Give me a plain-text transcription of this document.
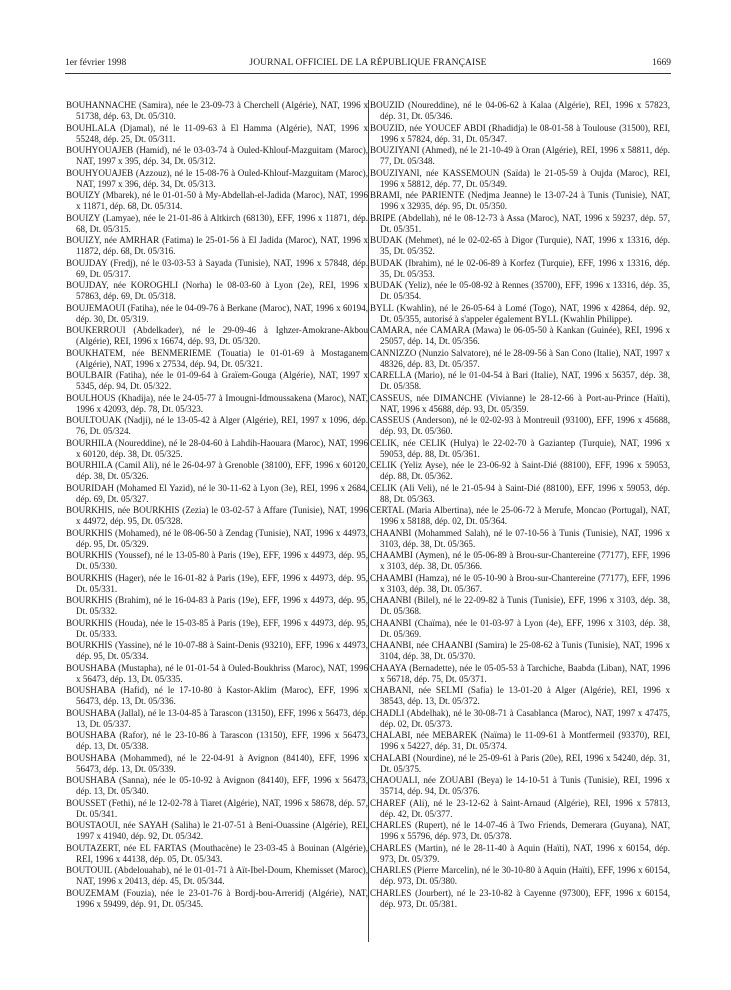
1er février 1998	JOURNAL OFFICIEL DE LA RÉPUBLIQUE FRANÇAISE	1669

BOUHANNACHE (Samira), née le 23-09-73 à Cherchell (Algérie), NAT, 1996 x 51738, dép. 63, Dt. 05/310.

BOUHLALA (Djamal), né le 11-09-63 à El Hamma (Algérie), NAT, 1996 x 55248, dép. 25, Dt. 05/311.

BOUHYOUAJEB (Hamid), né le 03-03-74 à Ouled-Khlouf-Mazguitam (Maroc), NAT, 1997 x 395, dép. 34, Dt. 05/312.

BOUHYOUAJEB (Azzouz), né le 15-08-76 à Ouled-Khlouf-Mazguitam (Maroc), NAT, 1997 x 396, dép. 34, Dt. 05/313.

BOUIZY (Mbarek), né le 01-01-50 à My-Abdellah-el-Jadida (Maroc), NAT, 1996 x 11871, dép. 68, Dt. 05/314.

BOUIZY (Lamyae), née le 21-01-86 à Altkirch (68130), EFF, 1996 x 11871, dép. 68, Dt. 05/315.

BOUIZY, née AMRHAR (Fatima) le 25-01-56 à El Jadida (Maroc), NAT, 1996 x 11872, dép. 68, Dt. 05/316.

BOUJDAY (Fredj), né le 03-03-53 à Sayada (Tunisie), NAT, 1996 x 57848, dép. 69, Dt. 05/317.

BOUJDAY, née KOROGHLI (Norha) le 08-03-60 à Lyon (2e), REI, 1996 x 57863, dép. 69, Dt. 05/318.

BOUJEMAOUI (Fatiha), née le 04-09-76 à Berkane (Maroc), NAT, 1996 x 60194, dép. 30, Dt. 05/319.

BOUKERROUI (Abdelkader), né le 29-09-46 à Ighzer-Amokrane-Akbou (Algérie), REI, 1996 x 16674, dép. 93, Dt. 05/320.

BOUKHATEM, née BENMERIEME (Touatia) le 01-01-69 à Mostaganem (Algérie), NAT, 1996 x 27534, dép. 94, Dt. 05/321.

BOULBAIR (Fatiha), née le 01-09-64 à Graïem-Gouga (Algérie), NAT, 1997 x 5345, dép. 94, Dt. 05/322.

BOULHOUS (Khadija), née le 24-05-77 à Imougni-Idmoussakena (Maroc), NAT, 1996 x 42093, dép. 78, Dt. 05/323.

BOULTOUAK (Nadji), né le 13-05-42 à Alger (Algérie), REI, 1997 x 1096, dép. 76, Dt. 05/324.

BOURHILA (Noureddine), né le 28-04-60 à Lahdih-Haouara (Maroc), NAT, 1996 x 60120, dép. 38, Dt. 05/325.

BOURHILA (Camil Ali), né le 26-04-97 à Grenoble (38100), EFF, 1996 x 60120, dép. 38, Dt. 05/326.

BOURIDAH (Mohamed El Yazid), né le 30-11-62 à Lyon (3e), REI, 1996 x 2684, dép. 69, Dt. 05/327.

BOURKHIS, née BOURKHIS (Zezia) le 03-02-57 à Affare (Tunisie), NAT, 1996 x 44972, dép. 95, Dt. 05/328.

BOURKHIS (Mohamed), né le 08-06-50 à Zendag (Tunisie), NAT, 1996 x 44973, dép. 95, Dt. 05/329.

BOURKHIS (Youssef), né le 13-05-80 à Paris (19e), EFF, 1996 x 44973, dép. 95, Dt. 05/330.

BOURKHIS (Hager), née le 16-01-82 à Paris (19e), EFF, 1996 x 44973, dép. 95, Dt. 05/331.

BOURKHIS (Brahim), né le 16-04-83 à Paris (19e), EFF, 1996 x 44973, dép. 95, Dt. 05/332.

BOURKHIS (Houda), née le 15-03-85 à Paris (19e), EFF, 1996 x 44973, dép. 95, Dt. 05/333.

BOURKHIS (Yassine), né le 10-07-88 à Saint-Denis (93210), EFF, 1996 x 44973, dép. 95, Dt. 05/334.

BOUSHABA (Mustapha), né le 01-01-54 à Ouled-Boukhriss (Maroc), NAT, 1996 x 56473, dép. 13, Dt. 05/335.

BOUSHABA (Hafid), né le 17-10-80 à Kastor-Aklim (Maroc), EFF, 1996 x 56473, dép. 13, Dt. 05/336.

BOUSHABA (Jallal), né le 13-04-85 à Tarascon (13150), EFF, 1996 x 56473, dép. 13, Dt. 05/337.

BOUSHABA (Rafor), né le 23-10-86 à Tarascon (13150), EFF, 1996 x 56473, dép. 13, Dt. 05/338.

BOUSHABA (Mohammed), né le 22-04-91 à Avignon (84140), EFF, 1996 x 56473, dép. 13, Dt. 05/339.

BOUSHABA (Sanna), née le 05-10-92 à Avignon (84140), EFF, 1996 x 56473, dép. 13, Dt. 05/340.

BOUSSET (Fethi), né le 12-02-78 à Tiaret (Algérie), NAT, 1996 x 58678, dép. 57, Dt. 05/341.

BOUSTAOUI, née SAYAH (Saliha) le 21-07-51 à Beni-Ouassine (Algérie), REI, 1997 x 41940, dép. 92, Dt. 05/342.

BOUTAZERT, née EL FARTAS (Mouthacène) le 23-03-45 à Bouinan (Algérie), REI, 1996 x 44138, dép. 05, Dt. 05/343.

BOUTOUIL (Abdelouahab), né le 01-01-71 à Aït-Ibel-Doum, Khemisset (Maroc), NAT, 1996 x 20413, dép. 45, Dt. 05/344.

BOUZEMAM (Fouzia), née le 23-01-76 à Bordj-bou-Arreridj (Algérie), NAT, 1996 x 59499, dép. 91, Dt. 05/345.

BOUZID (Noureddine), né le 04-06-62 à Kalaa (Algérie), REI, 1996 x 57823, dép. 31, Dt. 05/346.

BOUZID, née YOUCEF ABDI (Rhadidja) le 08-01-58 à Toulouse (31500), REI, 1996 x 57824, dép. 31, Dt. 05/347.

BOUZIYANI (Ahmed), né le 21-10-49 à Oran (Algérie), REI, 1996 x 58811, dép. 77, Dt. 05/348.

BOUZIYANI, née KASSEMOUN (Saïda) le 21-05-59 à Oujda (Maroc), REI, 1996 x 58812, dép. 77, Dt. 05/349.

BRAMI, née PARIENTE (Nedjma Jeanne) le 13-07-24 à Tunis (Tunisie), NAT, 1996 x 32935, dép. 95, Dt. 05/350.

BRIPE (Abdellah), né le 08-12-73 à Assa (Maroc), NAT, 1996 x 59237, dép. 57, Dt. 05/351.

BUDAK (Mehmet), né le 02-02-65 à Digor (Turquie), NAT, 1996 x 13316, dép. 35, Dt. 05/352.

BUDAK (Ibrahim), né le 02-06-89 à Korfez (Turquie), EFF, 1996 x 13316, dép. 35, Dt. 05/353.

BUDAK (Yeliz), née le 05-08-92 à Rennes (35700), EFF, 1996 x 13316, dép. 35, Dt. 05/354.

BYLL (Kwahlin), né le 26-05-64 à Lomé (Togo), NAT, 1996 x 42864, dép. 92, Dt. 05/355, autorisé à s'appeler également BYLL (Kwahlin Philippe).

CAMARA, née CAMARA (Mawa) le 06-05-50 à Kankan (Guinée), REI, 1996 x 25057, dép. 14, Dt. 05/356.

CANNIZZO (Nunzio Salvatore), né le 28-09-56 à San Cono (Italie), NAT, 1997 x 48326, dép. 83, Dt. 05/357.

CARELLA (Mario), né le 01-04-54 à Bari (Italie), NAT, 1996 x 56357, dép. 38, Dt. 05/358.

CASSEUS, née DIMANCHE (Vivianne) le 28-12-66 à Port-au-Prince (Haïti), NAT, 1996 x 45688, dép. 93, Dt. 05/359.

CASSEUS (Anderson), né le 02-02-93 à Montreuil (93100), EFF, 1996 x 45688, dép. 93, Dt. 05/360.

CELIK, née CELIK (Hulya) le 22-02-70 à Gaziantep (Turquie), NAT, 1996 x 59053, dép. 88, Dt. 05/361.

CELIK (Yeliz Ayse), née le 23-06-92 à Saint-Dié (88100), EFF, 1996 x 59053, dép. 88, Dt. 05/362.

CELIK (Ali Veli), né le 21-05-94 à Saint-Dié (88100), EFF, 1996 x 59053, dép. 88, Dt. 05/363.

CERTAL (Maria Albertina), née le 25-06-72 à Merufe, Moncao (Portugal), NAT, 1996 x 58188, dép. 02, Dt. 05/364.

CHAANBI (Mohammed Salah), né le 07-10-56 à Tunis (Tunisie), NAT, 1996 x 3103, dép. 38, Dt. 05/365.

CHAAMBI (Aymen), né le 05-06-89 à Brou-sur-Chantereine (77177), EFF, 1996 x 3103, dép. 38, Dt. 05/366.

CHAAMBI (Hamza), né le 05-10-90 à Brou-sur-Chantereine (77177), EFF, 1996 x 3103, dép. 38, Dt. 05/367.

CHAANBI (Bilel), né le 22-09-82 à Tunis (Tunisie), EFF, 1996 x 3103, dép. 38, Dt. 05/368.

CHAANBI (Chaïma), née le 01-03-97 à Lyon (4e), EFF, 1996 x 3103, dép. 38, Dt. 05/369.

CHAANBI, née CHAANBI (Samira) le 25-08-62 à Tunis (Tunisie), NAT, 1996 x 3104, dép. 38, Dt. 05/370.

CHAAYA (Bernadette), née le 05-05-53 à Tarchiche, Baabda (Liban), NAT, 1996 x 56718, dép. 75, Dt. 05/371.

CHABANI, née SELMI (Safia) le 13-01-20 à Alger (Algérie), REI, 1996 x 38543, dép. 13, Dt. 05/372.

CHADLI (Abdelhak), né le 30-08-71 à Casablanca (Maroc), NAT, 1997 x 47475, dép. 02, Dt. 05/373.

CHALABI, née MEBAREK (Naïma) le 11-09-61 à Montfermeil (93370), REI, 1996 x 54227, dép. 31, Dt. 05/374.

CHALABI (Nourdine), né le 25-09-61 à Paris (20e), REI, 1996 x 54240, dép. 31, Dt. 05/375.

CHAOUALI, née ZOUABI (Beya) le 14-10-51 à Tunis (Tunisie), REI, 1996 x 35714, dép. 94, Dt. 05/376.

CHAREF (Ali), né le 23-12-62 à Saint-Arnaud (Algérie), REI, 1996 x 57813, dép. 42, Dt. 05/377.

CHARLES (Rupert), né le 14-07-46 à Two Friends, Demerara (Guyana), NAT, 1996 x 55796, dép. 973, Dt. 05/378.

CHARLES (Martin), né le 28-11-40 à Aquin (Haïti), NAT, 1996 x 60154, dép. 973, Dt. 05/379.

CHARLES (Pierre Marcelin), né le 30-10-80 à Aquin (Haïti), EFF, 1996 x 60154, dép. 973, Dt. 05/380.

CHARLES (Jourbert), né le 23-10-82 à Cayenne (97300), EFF, 1996 x 60154, dép. 973, Dt. 05/381.
